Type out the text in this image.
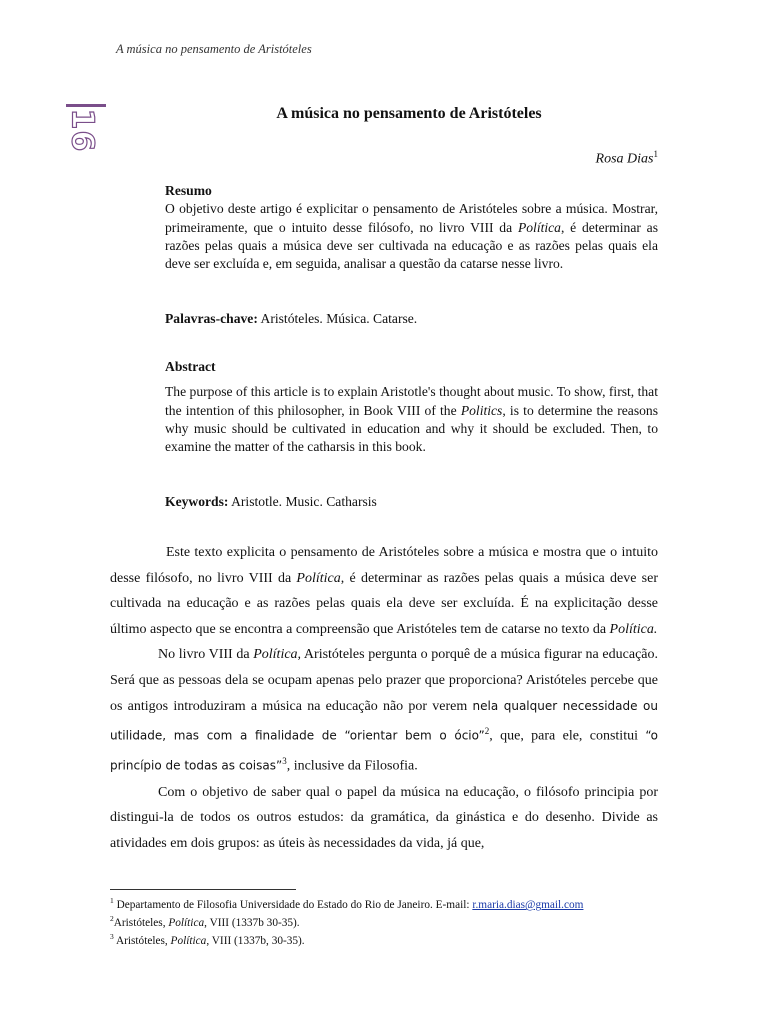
A música no pensamento de Aristóteles
16	A música no pensamento de Aristóteles
Rosa Dias$^1$
Resumo
O objetivo deste artigo é explicitar o pensamento de Aristóteles sobre a música. Mostrar, primeiramente, que o intuito desse filósofo, no livro VIII da Política, é determinar as razões pelas quais a música deve ser cultivada na educação e as razões pelas quais ela deve ser excluída e, em seguida, analisar a questão da catarse nesse livro.
Palavras-chave: Aristóteles. Música. Catarse.
Abstract
The purpose of this article is to explain Aristotle's thought about music. To show, first, that the intention of this philosopher, in Book VIII of the Politics, is to determine the reasons why music should be cultivated in education and why it should be excluded. Then, to examine the matter of the catharsis in this book.
Keywords: Aristotle. Music. Catharsis

Este texto explicita o pensamento de Aristóteles sobre a música e mostra que o intuito desse filósofo, no livro VIII da Política, é determinar as razões pelas quais a música deve ser cultivada na educação e as razões pelas quais ela deve ser excluída. É na explicitação desse último aspecto que se encontra a compreensão que Aristóteles tem de catarse no texto da Política.

No livro VIII da Política, Aristóteles pergunta o porquê de a música figurar na educação. Será que as pessoas dela se ocupam apenas pelo prazer que proporciona? Aristóteles percebe que os antigos introduziram a música na educação não por verem nela qualquer necessidade ou utilidade, mas com a finalidade de “orientar bem o ócio”$^2$, que, para ele, constitui “o princípio de todas as coisas”$^3$, inclusive da Filosofia.

Com o objetivo de saber qual o papel da música na educação, o filósofo principia por distingui-la de todos os outros estudos: da gramática, da ginástica e do desenho. Divide as atividades em dois grupos: as úteis às necessidades da vida, já que,

$^1$ Departamento de Filosofia Universidade do Estado do Rio de Janeiro. E-mail: r.maria.dias@gmail.com
$^2$Aristóteles, Política, VIII (1337b 30-35).
$^3$ Aristóteles, Política, VIII (1337b, 30-35).
